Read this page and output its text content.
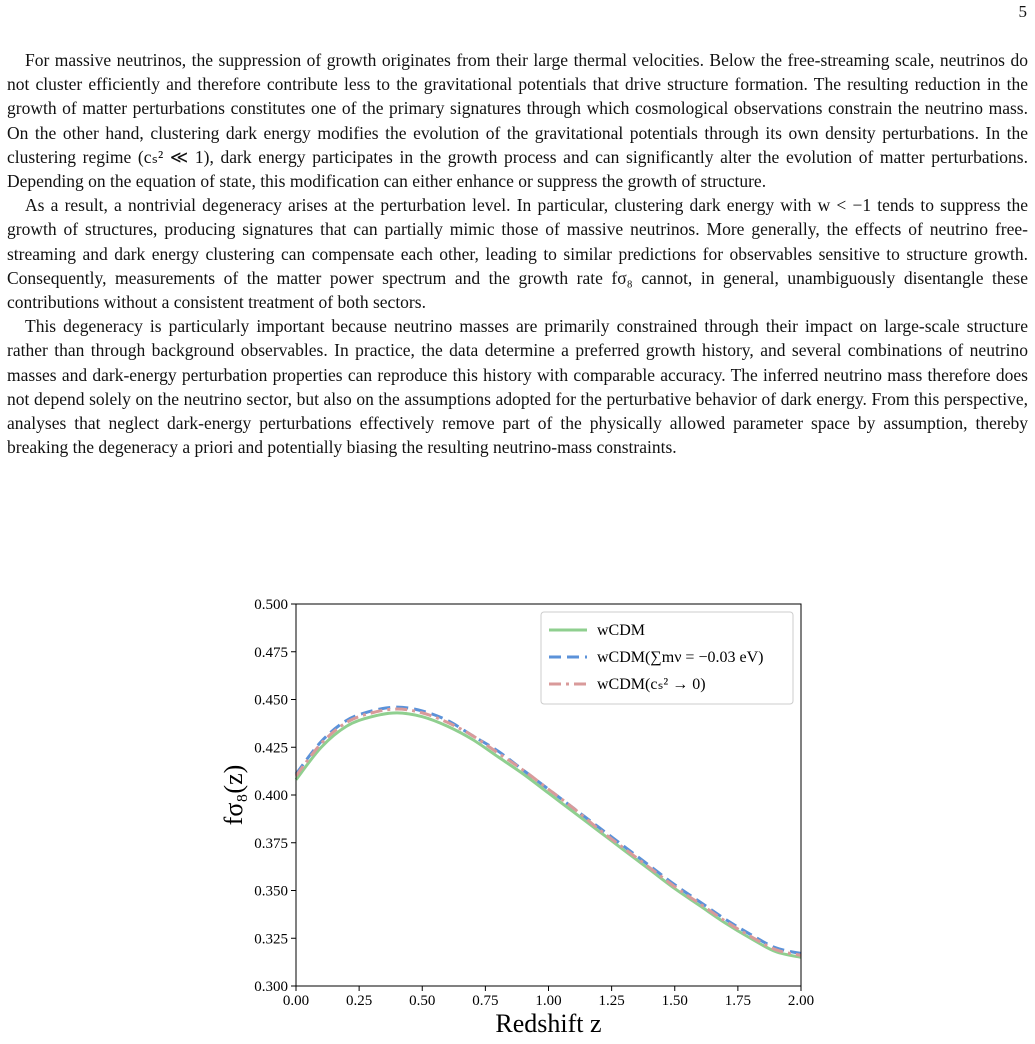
5

For massive neutrinos, the suppression of growth originates from their large thermal velocities. Below the free-streaming scale, neutrinos do not cluster efficiently and therefore contribute less to the gravitational potentials that drive structure formation. The resulting reduction in the growth of matter perturbations constitutes one of the primary signatures through which cosmological observations constrain the neutrino mass. On the other hand, clustering dark energy modifies the evolution of the gravitational potentials through its own density perturbations. In the clustering regime (cₛ² ≪ 1), dark energy participates in the growth process and can significantly alter the evolution of matter perturbations. Depending on the equation of state, this modification can either enhance or suppress the growth of structure.

As a result, a nontrivial degeneracy arises at the perturbation level. In particular, clustering dark energy with w < −1 tends to suppress the growth of structures, producing signatures that can partially mimic those of massive neutrinos. More generally, the effects of neutrino free-streaming and dark energy clustering can compensate each other, leading to similar predictions for observables sensitive to structure growth. Consequently, measurements of the matter power spectrum and the growth rate fσ₈ cannot, in general, unambiguously disentangle these contributions without a consistent treatment of both sectors.

This degeneracy is particularly important because neutrino masses are primarily constrained through their impact on large-scale structure rather than through background observables. In practice, the data determine a preferred growth history, and several combinations of neutrino masses and dark-energy perturbation properties can reproduce this history with comparable accuracy. The inferred neutrino mass therefore does not depend solely on the neutrino sector, but also on the assumptions adopted for the perturbative behavior of dark energy. From this perspective, analyses that neglect dark-energy perturbations effectively remove part of the physically allowed parameter space by assumption, thereby breaking the degeneracy a priori and potentially biasing the resulting neutrino-mass constraints.

0.00 0.25 0.50 0.75 1.00 1.25 1.50 1.75 2.00
0.300
0.325
0.350
0.375
0.400
0.425
0.450
0.475
0.500
wCDM
wCDM(∑mν = −0.03 eV)
wCDM(cₛ² → 0)
Redshift z
fσ₈(z)
